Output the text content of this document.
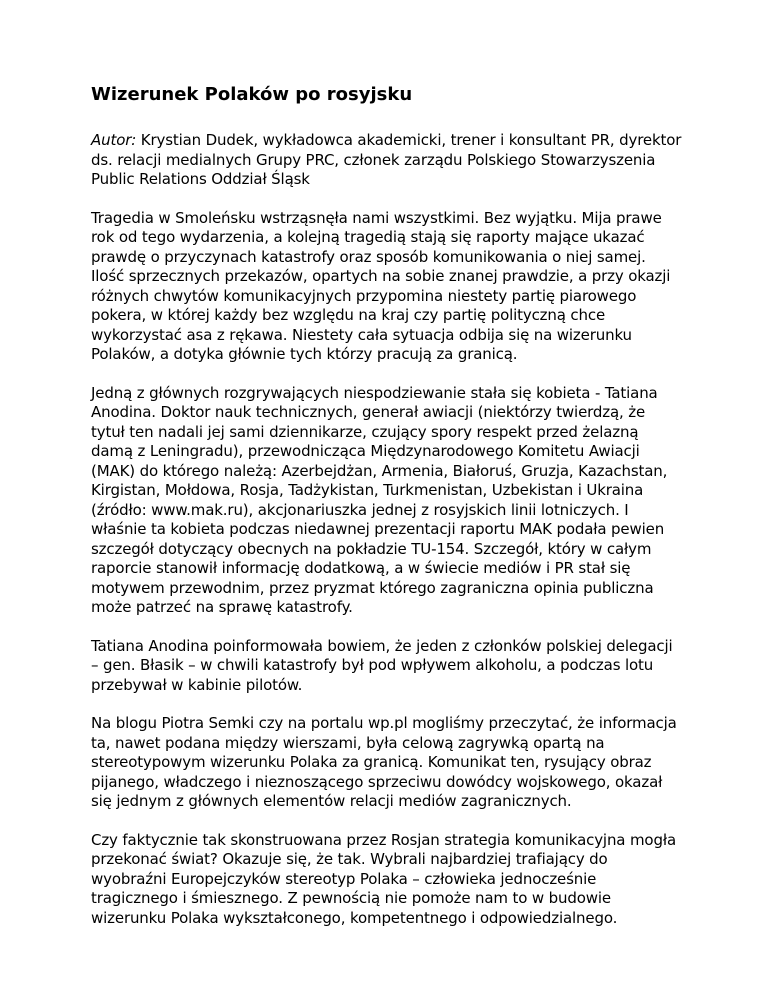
Wizerunek Polaków po rosyjsku

Autor: Krystian Dudek, wykładowca akademicki, trener i konsultant PR, dyrektor ds. relacji medialnych Grupy PRC, członek zarządu Polskiego Stowarzyszenia Public Relations Oddział Śląsk

Tragedia w Smoleńsku wstrząsnęła nami wszystkimi. Bez wyjątku. Mija prawe rok od tego wydarzenia, a kolejną tragedią stają się raporty mające ukazać prawdę o przyczynach katastrofy oraz sposób komunikowania o niej samej. Ilość sprzecznych przekazów, opartych na sobie znanej prawdzie, a przy okazji różnych chwytów komunikacyjnych przypomina niestety partię piarowego pokera, w której każdy bez względu na kraj czy partię polityczną chce wykorzystać asa z rękawa. Niestety cała sytuacja odbija się na wizerunku Polaków, a dotyka głównie tych którzy pracują za granicą.

Jedną z głównych rozgrywających niespodziewanie stała się kobieta - Tatiana Anodina. Doktor nauk technicznych, generał awiacji (niektórzy twierdzą, że tytuł ten nadali jej sami dziennikarze, czujący spory respekt przed żelazną damą z Leningradu), przewodnicząca Międzynarodowego Komitetu Awiacji (MAK) do którego należą: Azerbejdżan, Armenia, Białoruś, Gruzja, Kazachstan, Kirgistan, Mołdowa, Rosja, Tadżykistan, Turkmenistan, Uzbekistan i Ukraina (źródło: www.mak.ru), akcjonariuszka jednej z rosyjskich linii lotniczych. I właśnie ta kobieta podczas niedawnej prezentacji raportu MAK podała pewien szczegół dotyczący obecnych na pokładzie TU-154. Szczegół, który w całym raporcie stanowił informację dodatkową, a w świecie mediów i PR stał się motywem przewodnim, przez pryzmat którego zagraniczna opinia publiczna może patrzeć na sprawę katastrofy.

Tatiana Anodina poinformowała bowiem, że jeden z członków polskiej delegacji – gen. Błasik – w chwili katastrofy był pod wpływem alkoholu, a podczas lotu przebywał w kabinie pilotów.

Na blogu Piotra Semki czy na portalu wp.pl mogliśmy przeczytać, że informacja ta, nawet podana między wierszami, była celową zagrywką opartą na stereotypowym wizerunku Polaka za granicą. Komunikat ten, rysujący obraz pijanego, władczego i nieznoszącego sprzeciwu dowódcy wojskowego, okazał się jednym z głównych elementów relacji mediów zagranicznych.

Czy faktycznie tak skonstruowana przez Rosjan strategia komunikacyjna mogła przekonać świat? Okazuje się, że tak. Wybrali najbardziej trafiający do wyobraźni Europejczyków stereotyp Polaka – człowieka jednocześnie tragicznego i śmiesznego. Z pewnością nie pomoże nam to w budowie wizerunku Polaka wykształconego, kompetentnego i odpowiedzialnego.
